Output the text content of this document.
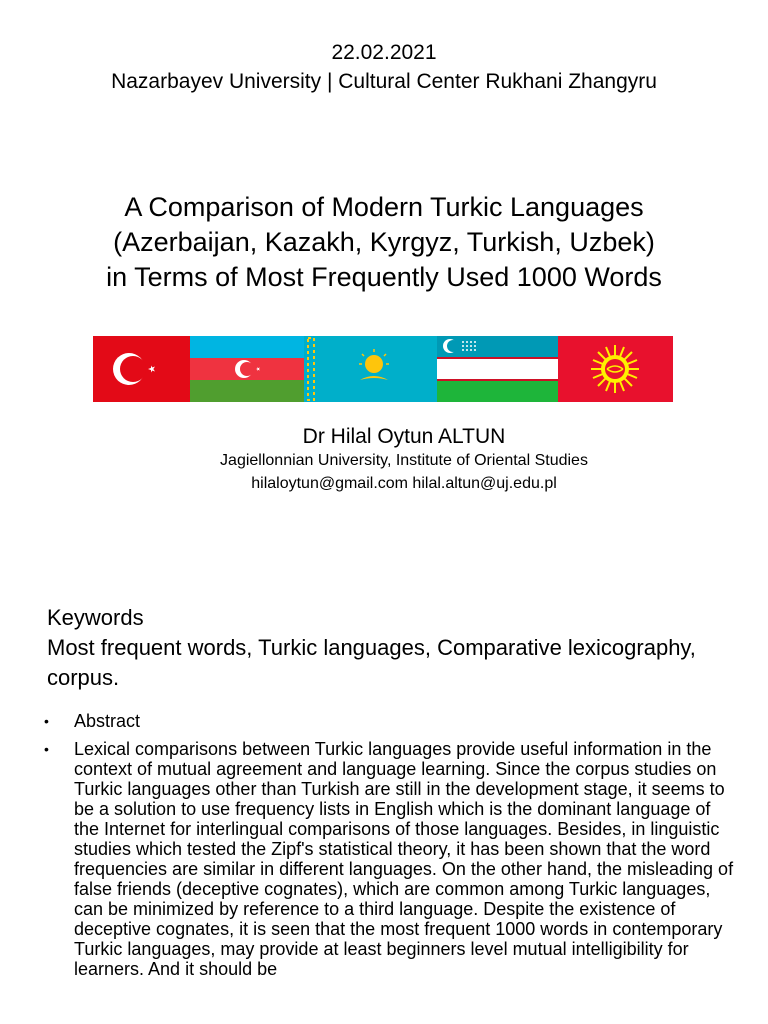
22.02.2021
Nazarbayev University | Cultural Center Rukhani Zhangyru
A Comparison of Modern Turkic Languages
(Azerbaijan, Kazakh, Kyrgyz, Turkish, Uzbek)
in Terms of Most Frequently Used 1000 Words
Dr Hilal Oytun ALTUN
Jagiellonnian University, Institute of Oriental Studies
hilaloytun@gmail.com hilal.altun@uj.edu.pl
Keywords
Most frequent words, Turkic languages, Comparative lexicography, corpus.
• Abstract
• Lexical comparisons between Turkic languages provide useful information in the context of mutual agreement and language learning. Since the corpus studies on Turkic languages other than Turkish are still in the development stage, it seems to be a solution to use frequency lists in English which is the dominant language of the Internet for interlingual comparisons of those languages. Besides, in linguistic studies which tested the Zipf's statistical theory, it has been shown that the word frequencies are similar in different languages. On the other hand, the misleading of false friends (deceptive cognates), which are common among Turkic languages, can be minimized by reference to a third language. Despite the existence of deceptive cognates, it is seen that the most frequent 1000 words in contemporary Turkic languages, may provide at least beginners level mutual intelligibility for learners. And it should be
